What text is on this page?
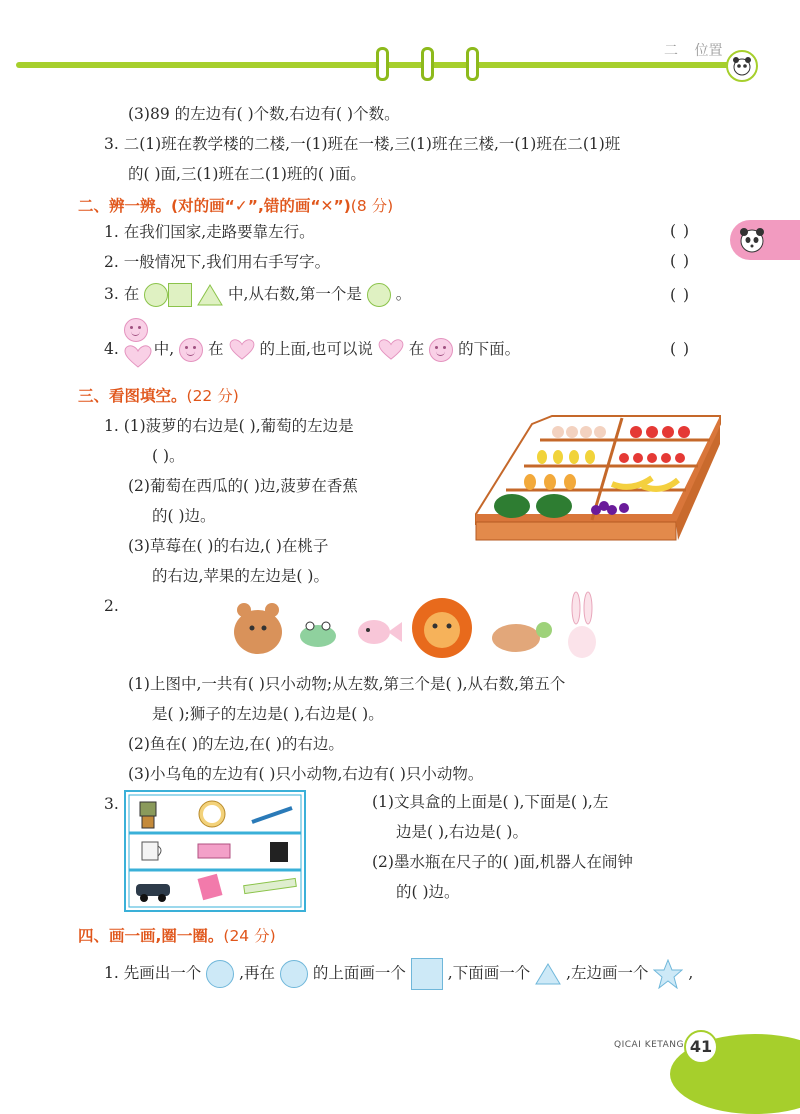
二 位置
(3)89 的左边有( )个数,右边有( )个数。
3. 二(1)班在教学楼的二楼,一(1)班在一楼,三(1)班在三楼,一(1)班在二(1)班
的( )面,三(1)班在二(1)班的( )面。
二、辨一辨。(对的画“✓”,错的画“✕”)(8 分)
1. 在我们国家,走路要靠左行。	( )
2. 一般情况下,我们用右手写字。	( )
3. 在	中,从右数,第一个是 。	( )
4. 中, 在 的上面,也可以说 在 的下面。	( )
三、看图填空。(22 分)
1. (1)菠萝的右边是( ),葡萄的左边是
( )。
(2)葡萄在西瓜的( )边,菠萝在香蕉
的( )边。
(3)草莓在( )的右边,( )在桃子
的右边,苹果的左边是( )。
2.
(1)上图中,一共有( )只小动物;从左数,第三个是( ),从右数,第五个
是( );狮子的左边是( ),右边是( )。
(2)鱼在( )的左边,在( )的右边。
(3)小乌龟的左边有( )只小动物,右边有( )只小动物。
3.	(1)文具盒的上面是( ),下面是( ),左
边是( ),右边是( )。
(2)墨水瓶在尺子的( )面,机器人在闹钟
的( )边。
四、画一画,圈一圈。(24 分)
1. 先画出一个 ,再在 的上面画一个	,下面画一个 ,左边画一个	,
QICAI KETANG 41
